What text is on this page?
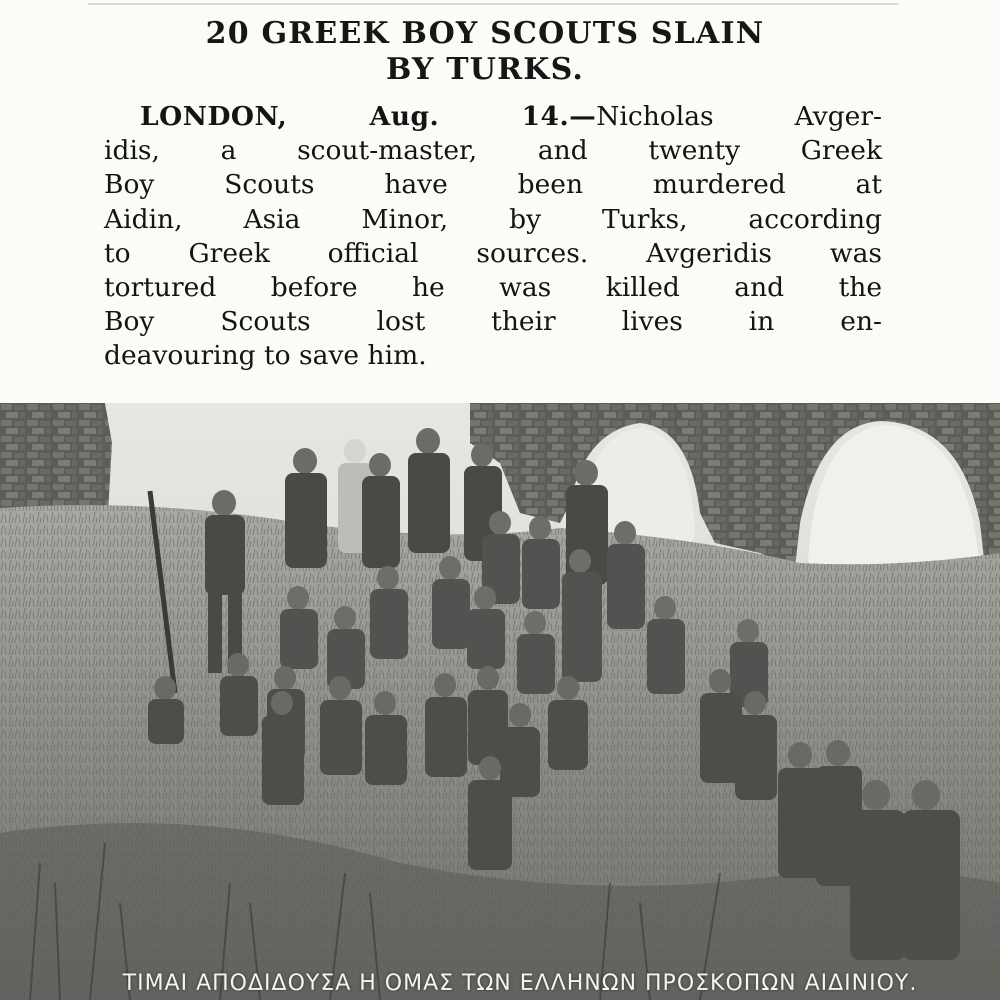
20 GREEK BOY SCOUTS SLAIN
BY TURKS.
LONDON, Aug. 14.—Nicholas Avger-
idis, a scout-master, and twenty Greek
Boy Scouts have been murdered at
Aidin, Asia Minor, by Turks, according
to Greek official sources. Avgeridis was
tortured before he was killed and the
Boy Scouts lost their lives in en-
deavouring to save him.
ΤΙΜΑΙ ΑΠΟΔΙΔΟΥΣΑ Η ΟΜΑΣ ΤΩΝ ΕΛΛΗΝΩΝ ΠΡΟΣΚΟΠΩΝ ΑΙΔΙΝΙΟΥ.
